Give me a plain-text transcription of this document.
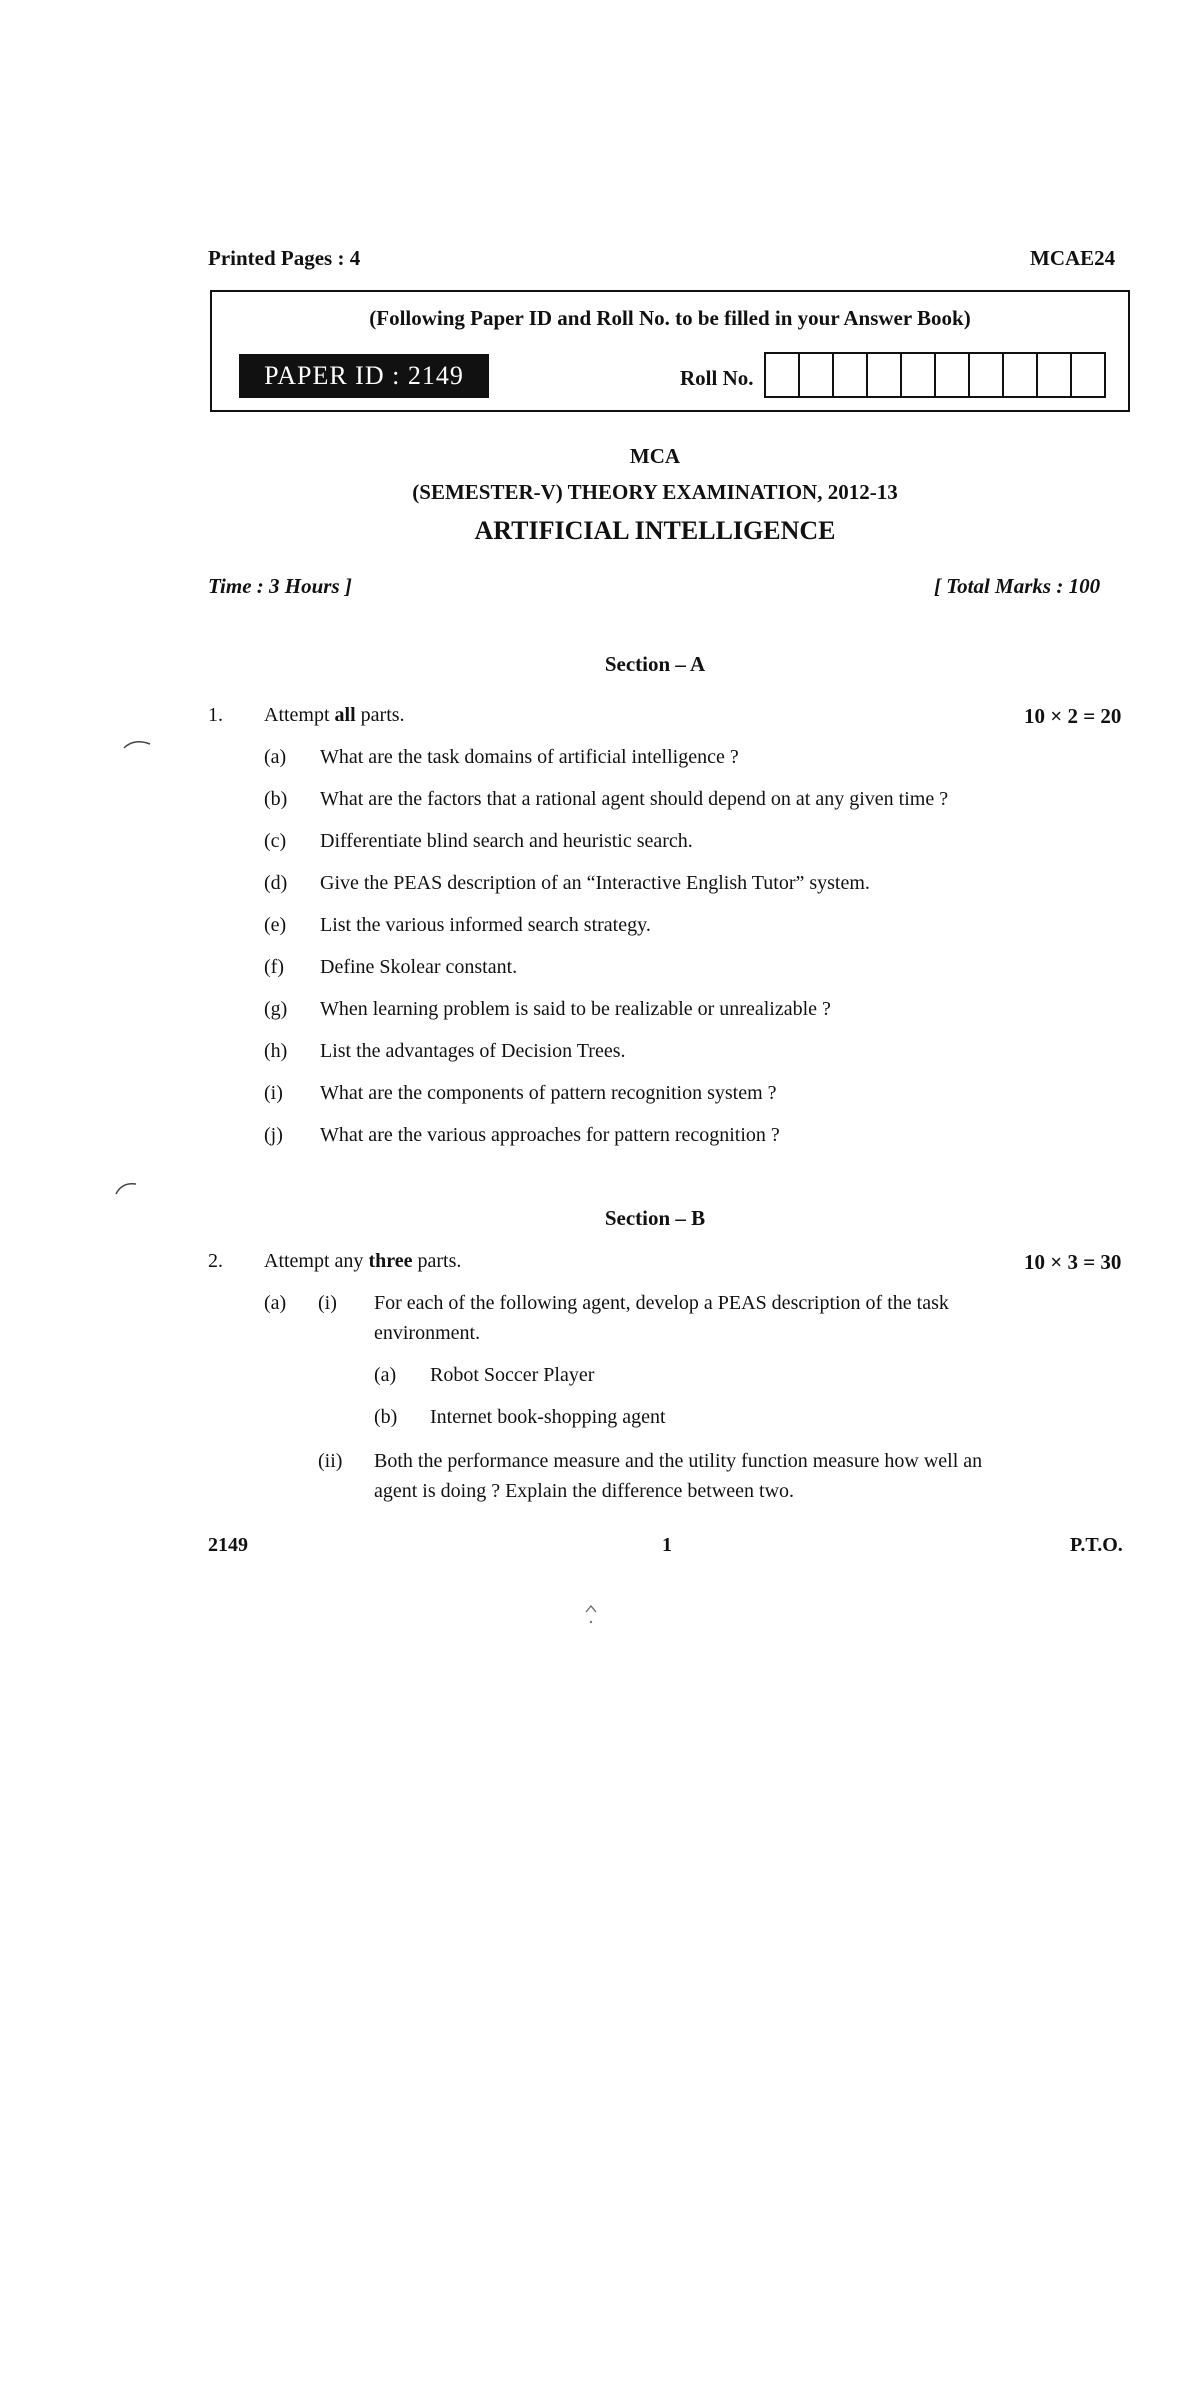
Printed Pages : 4	MCAE24
(Following Paper ID and Roll No. to be filled in your Answer Book)
PAPER ID : 2149	Roll No.
MCA
(SEMESTER-V) THEORY EXAMINATION, 2012-13
ARTIFICIAL INTELLIGENCE
Time : 3 Hours ]	[ Total Marks : 100
Section – A
1. Attempt all parts.	10 × 2 = 20
(a) What are the task domains of artificial intelligence ?
(b) What are the factors that a rational agent should depend on at any given time ?
(c) Differentiate blind search and heuristic search.
(d) Give the PEAS description of an “Interactive English Tutor” system.
(e) List the various informed search strategy.
(f) Define Skolear constant.
(g) When learning problem is said to be realizable or unrealizable ?
(h) List the advantages of Decision Trees.
(i) What are the components of pattern recognition system ?
(j) What are the various approaches for pattern recognition ?
Section – B
2. Attempt any three parts.	10 × 3 = 30
(a) (i) For each of the following agent, develop a PEAS description of the task
environment.
(a) Robot Soccer Player
(b) Internet book-shopping agent
(ii) Both the performance measure and the utility function measure how well an
agent is doing ? Explain the difference between two.
2149	1	P.T.O.
